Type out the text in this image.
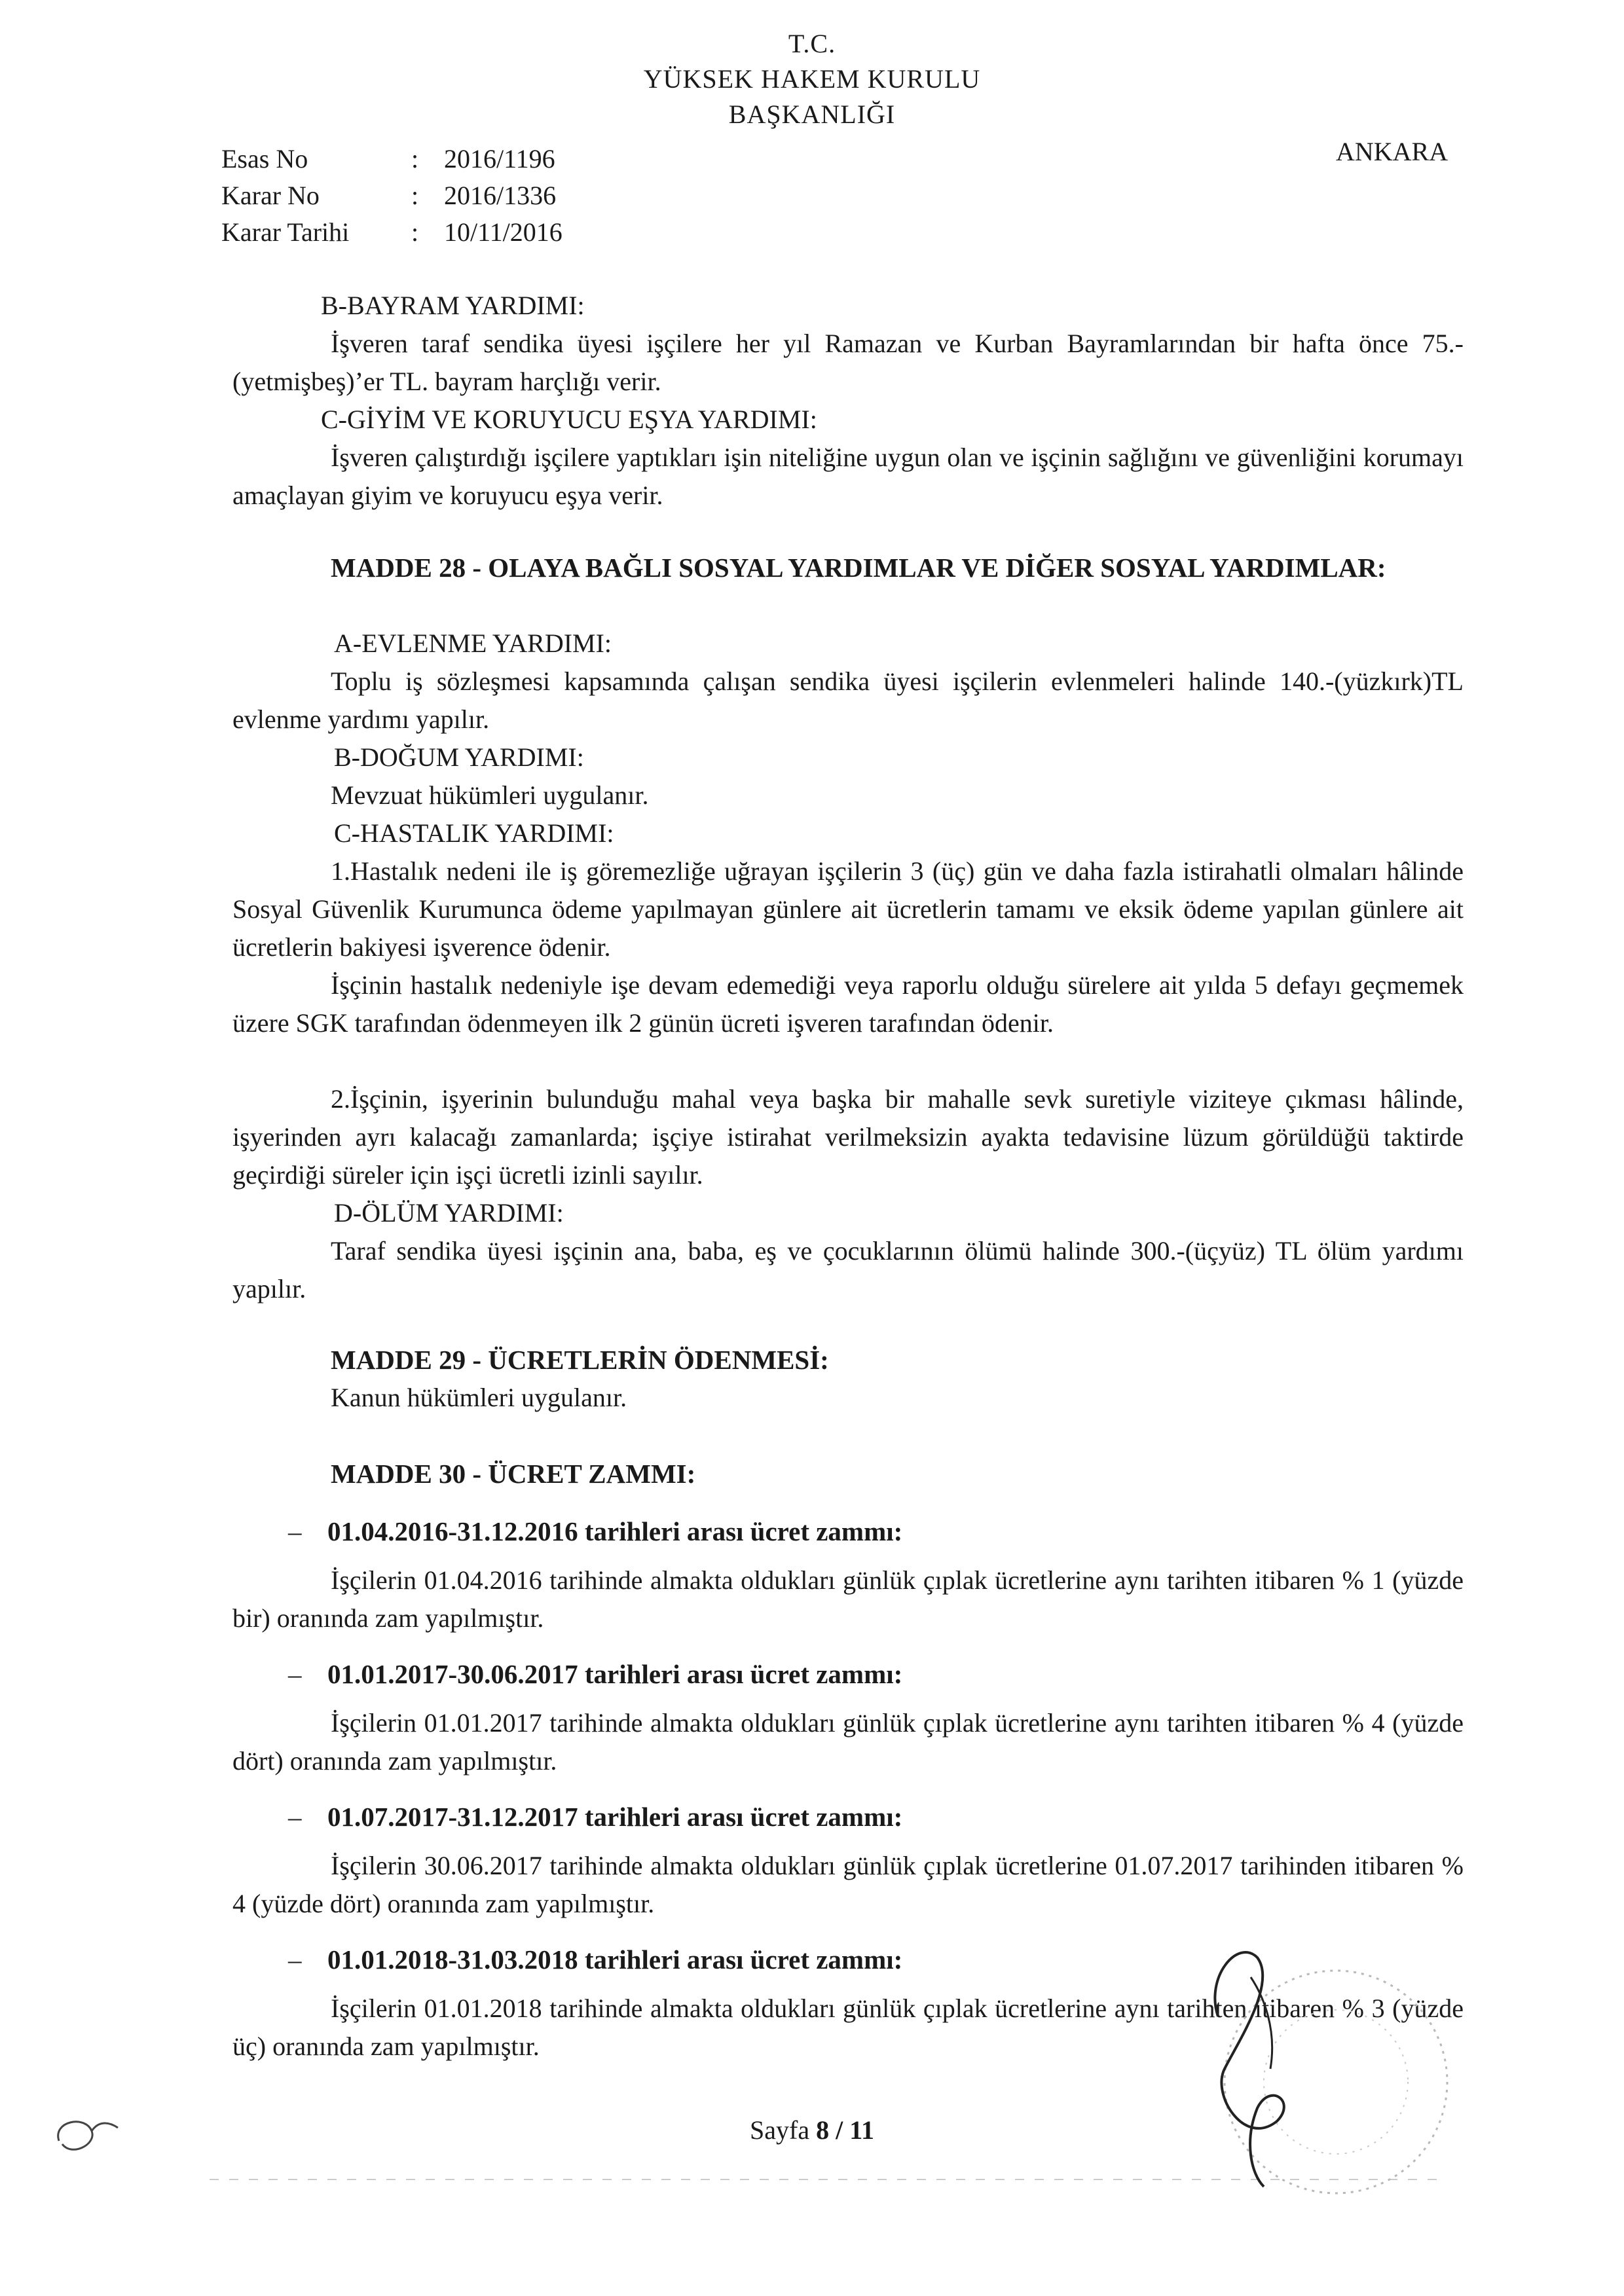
T.C.
YÜKSEK HAKEM KURULU
BAŞKANLIĞI
ANKARA
Esas No	: 2016/1196
Karar No	: 2016/1336
Karar Tarihi : 10/11/2016
B-BAYRAM YARDIMI:
İşveren taraf sendika üyesi işçilere her yıl Ramazan ve Kurban Bayramlarından bir hafta önce 75.-(yetmişbeş)’er TL. bayram harçlığı verir.
C-GİYİM VE KORUYUCU EŞYA YARDIMI:
İşveren çalıştırdığı işçilere yaptıkları işin niteliğine uygun olan ve işçinin sağlığını ve güvenliğini korumayı amaçlayan giyim ve koruyucu eşya verir.
MADDE 28 - OLAYA BAĞLI SOSYAL YARDIMLAR VE DİĞER SOSYAL YARDIMLAR:
A-EVLENME YARDIMI:
Toplu iş sözleşmesi kapsamında çalışan sendika üyesi işçilerin evlenmeleri halinde 140.-(yüzkırk)TL evlenme yardımı yapılır.
B-DOĞUM YARDIMI:
Mevzuat hükümleri uygulanır.
C-HASTALIK YARDIMI:
1.Hastalık nedeni ile iş göremezliğe uğrayan işçilerin 3 (üç) gün ve daha fazla istirahatli olmaları hâlinde Sosyal Güvenlik Kurumunca ödeme yapılmayan günlere ait ücretlerin tamamı ve eksik ödeme yapılan günlere ait ücretlerin bakiyesi işverence ödenir.
İşçinin hastalık nedeniyle işe devam edemediği veya raporlu olduğu sürelere ait yılda 5 defayı geçmemek üzere SGK tarafından ödenmeyen ilk 2 günün ücreti işveren tarafından ödenir.
2.İşçinin, işyerinin bulunduğu mahal veya başka bir mahalle sevk suretiyle viziteye çıkması hâlinde, işyerinden ayrı kalacağı zamanlarda; işçiye istirahat verilmeksizin ayakta tedavisine lüzum görüldüğü taktirde geçirdiği süreler için işçi ücretli izinli sayılır.
D-ÖLÜM YARDIMI:
Taraf sendika üyesi işçinin ana, baba, eş ve çocuklarının ölümü halinde 300.-(üçyüz) TL ölüm yardımı yapılır.
MADDE 29 - ÜCRETLERİN ÖDENMESİ:
Kanun hükümleri uygulanır.
MADDE 30 - ÜCRET ZAMMI:
– 01.04.2016-31.12.2016 tarihleri arası ücret zammı:
İşçilerin 01.04.2016 tarihinde almakta oldukları günlük çıplak ücretlerine aynı tarihten itibaren % 1 (yüzde bir) oranında zam yapılmıştır.
– 01.01.2017-30.06.2017 tarihleri arası ücret zammı:
İşçilerin 01.01.2017 tarihinde almakta oldukları günlük çıplak ücretlerine aynı tarihten itibaren % 4 (yüzde dört) oranında zam yapılmıştır.
– 01.07.2017-31.12.2017 tarihleri arası ücret zammı:
İşçilerin 30.06.2017 tarihinde almakta oldukları günlük çıplak ücretlerine 01.07.2017 tarihinden itibaren % 4 (yüzde dört) oranında zam yapılmıştır.
– 01.01.2018-31.03.2018 tarihleri arası ücret zammı:
İşçilerin 01.01.2018 tarihinde almakta oldukları günlük çıplak ücretlerine aynı tarihten itibaren % 3 (yüzde üç) oranında zam yapılmıştır.
Sayfa 8 / 11
